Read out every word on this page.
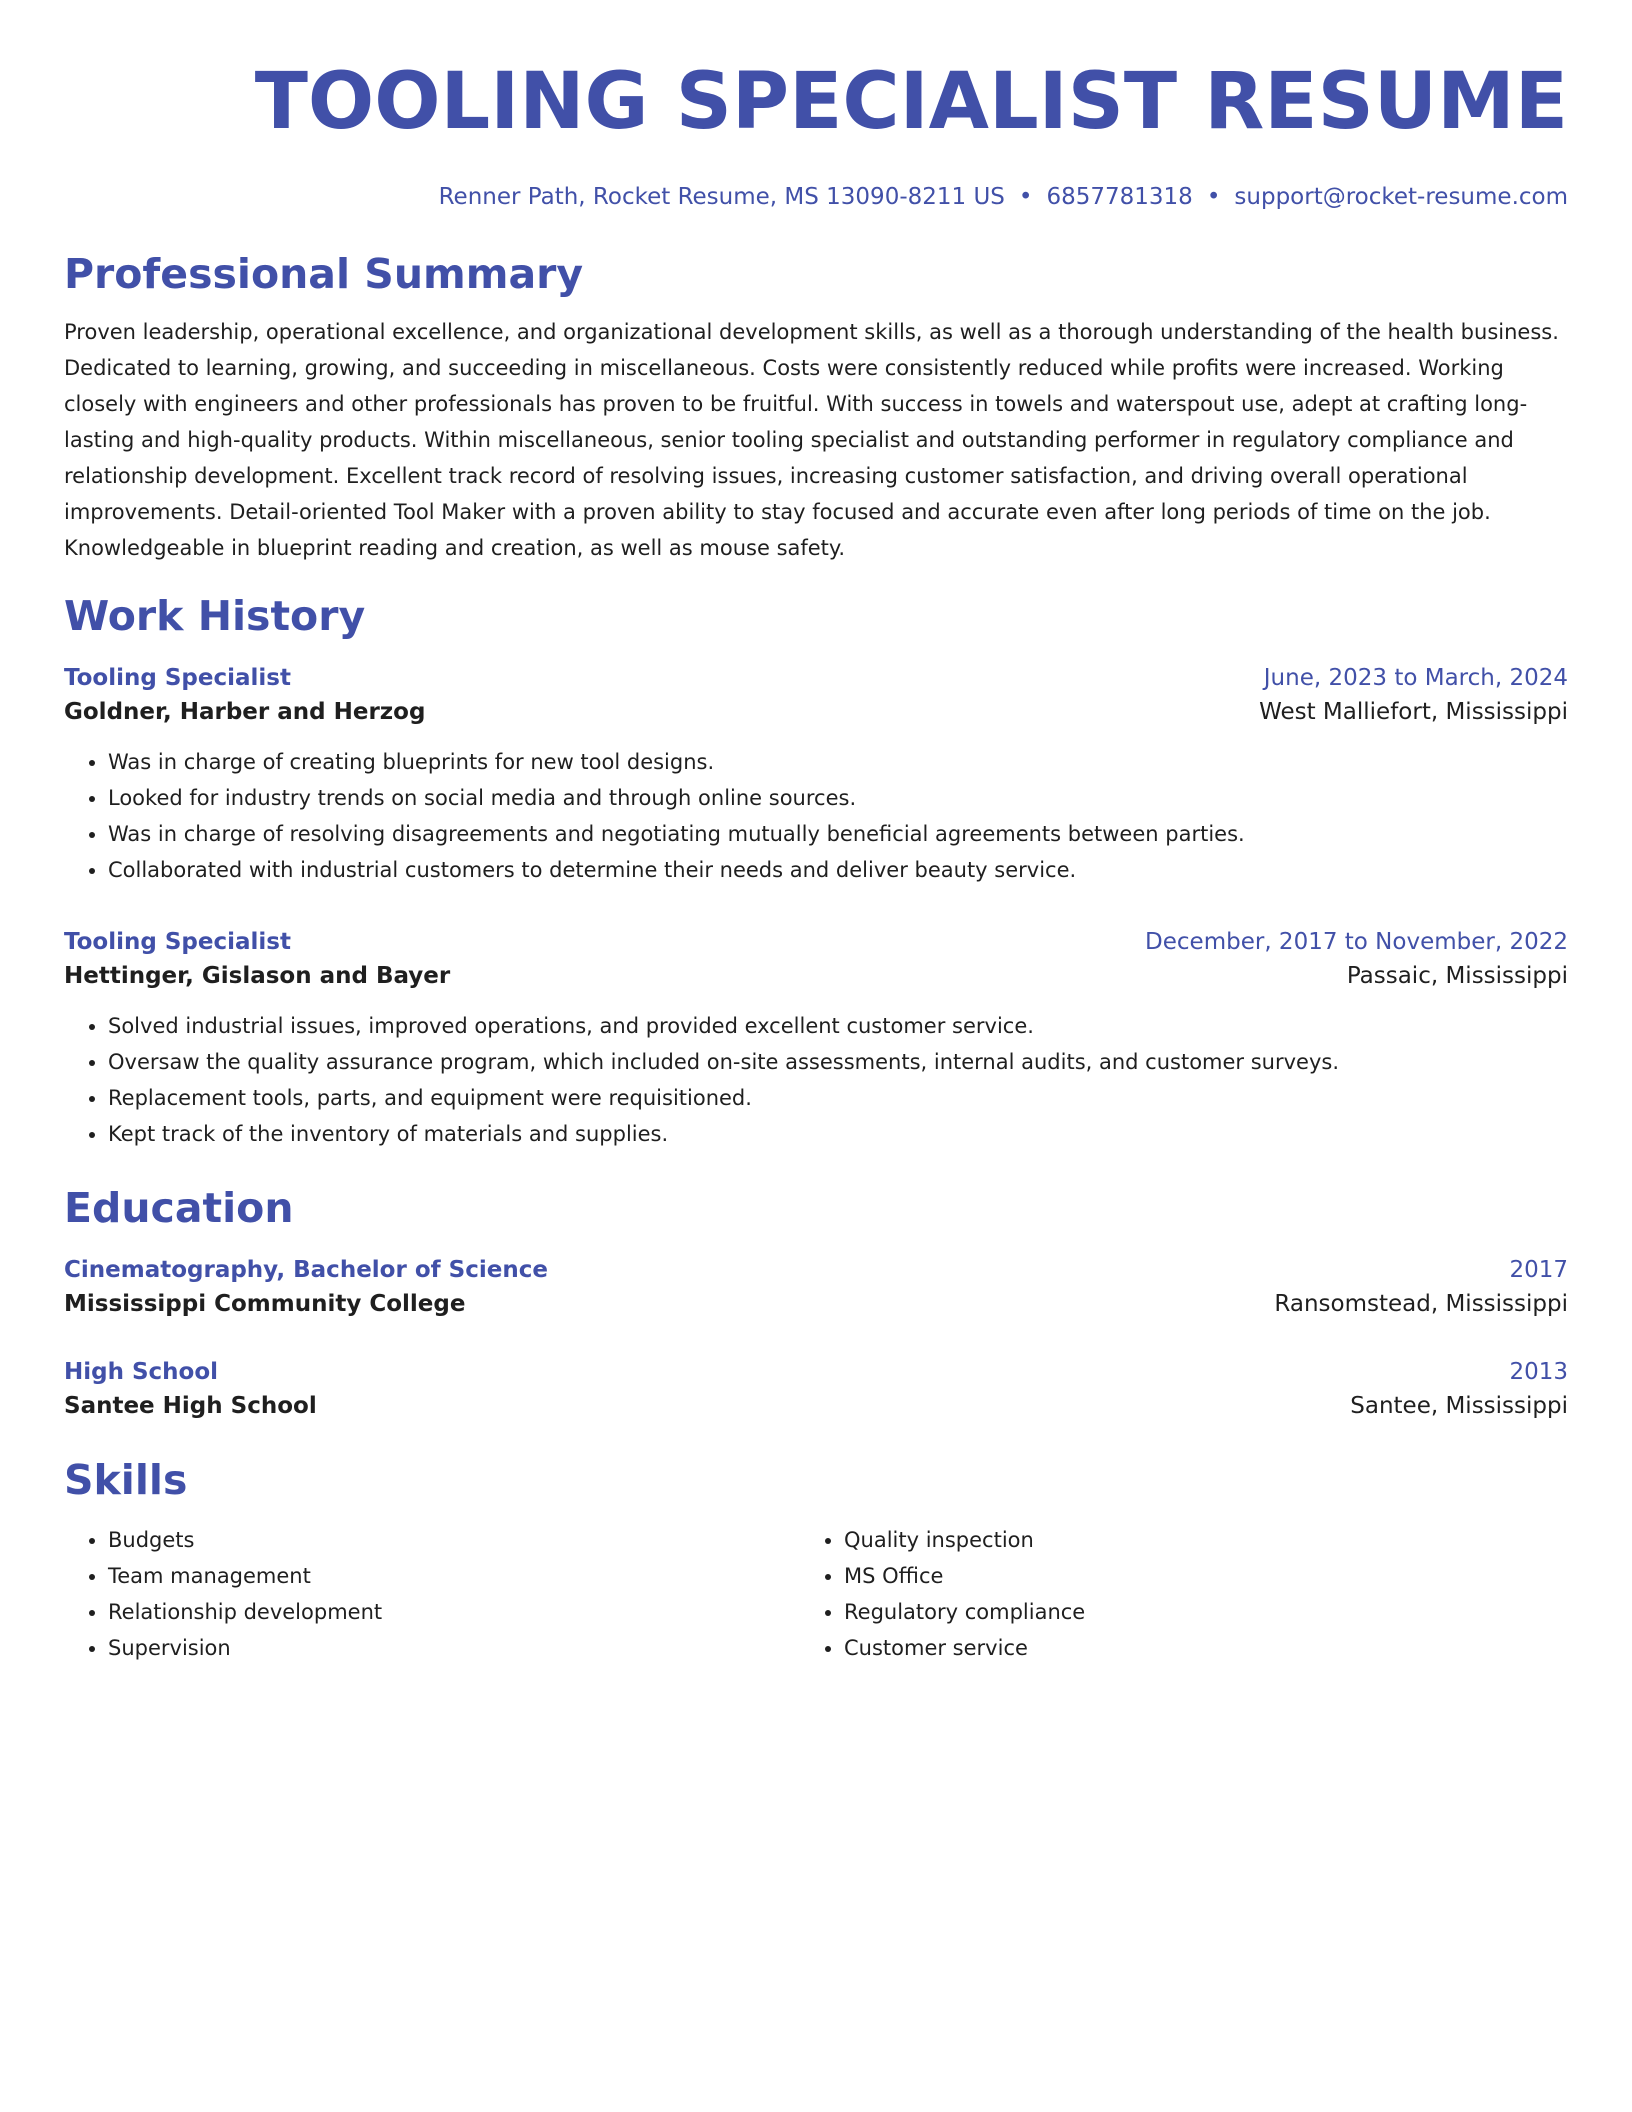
TOOLING SPECIALIST RESUME
Renner Path, Rocket Resume, MS 13090-8211 US • 6857781318 • support@rocket-resume.com
Professional Summary

Proven leadership, operational excellence, and organizational development skills, as well as a thorough understanding of the health business. Dedicated to learning, growing, and succeeding in miscellaneous. Costs were consistently reduced while profits were increased. Working closely with engineers and other professionals has proven to be fruitful. With success in towels and waterspout use, adept at crafting long-lasting and high-quality products. Within miscellaneous, senior tooling specialist and outstanding performer in regulatory compliance and relationship development. Excellent track record of resolving issues, increasing customer satisfaction, and driving overall operational improvements. Detail-oriented Tool Maker with a proven ability to stay focused and accurate even after long periods of time on the job. Knowledgeable in blueprint reading and creation, as well as mouse safety.

Work History
Tooling Specialist	June, 2023 to March, 2024
Goldner, Harber and Herzog	West Malliefort, Mississippi
• Was in charge of creating blueprints for new tool designs.
• Looked for industry trends on social media and through online sources.
• Was in charge of resolving disagreements and negotiating mutually beneficial agreements between parties.
• Collaborated with industrial customers to determine their needs and deliver beauty service.
Tooling Specialist	December, 2017 to November, 2022
Hettinger, Gislason and Bayer	Passaic, Mississippi
• Solved industrial issues, improved operations, and provided excellent customer service.
• Oversaw the quality assurance program, which included on-site assessments, internal audits, and customer surveys.
• Replacement tools, parts, and equipment were requisitioned.
• Kept track of the inventory of materials and supplies.
Education
Cinematography, Bachelor of Science	2017
Mississippi Community College	Ransomstead, Mississippi
High School	2013
Santee High School	Santee, Mississippi
Skills
• Budgets
• Team management
• Relationship development
• Supervision
• Quality inspection
• MS Office
• Regulatory compliance
• Customer service
